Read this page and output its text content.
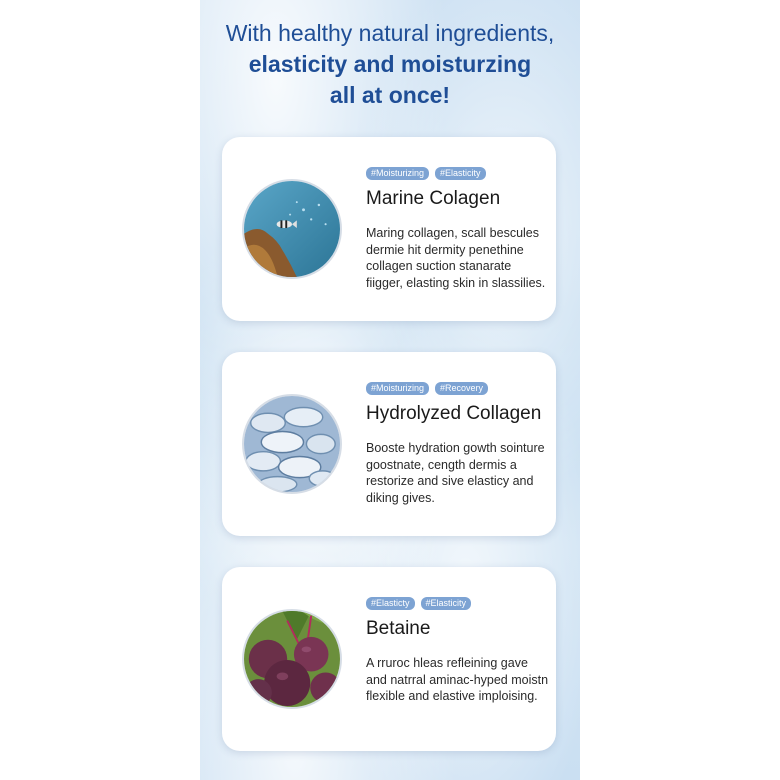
With healthy natural ingredients,
elasticity and moisturzing
all at once!
#Moisturizing	#Elasticity
Marine Colagen
Maring collagen, scall bescules dermie hit dermity penethine collagen suction stanarate fiigger, elasting skin in slassilies.
#Moisturizing	#Recovery
Hydrolyzed Collagen
Booste hydration gowth sointure goostnate, cength dermis a restorize and sive elasticy and diking gives.
#Elasticty	#Elasticity
Betaine
A rruroc hleas refleining gave and natrral aminac-hyped moistn flexible and elastive imploising.
